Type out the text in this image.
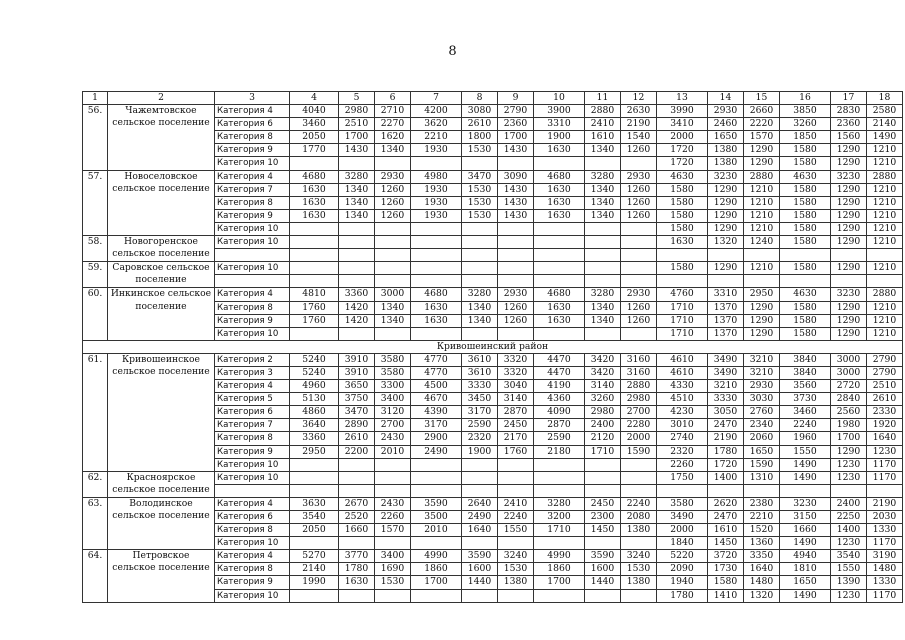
8
1	2	3	4	5	6	7	8	9	10	11	12	13	14	15	16	17	18
56.	Чажемтовское сельское поселение	Категория 4	4040	2980	2710	4200	3080	2790	3900	2880	2630	3990	2930	2660	3850	2830	2580
		Категория 6	3460	2510	2270	3620	2610	2360	3310	2410	2190	3410	2460	2220	3260	2360	2140
		Категория 8	2050	1700	1620	2210	1800	1700	1900	1610	1540	2000	1650	1570	1850	1560	1490
		Категория 9	1770	1430	1340	1930	1530	1430	1630	1340	1260	1720	1380	1290	1580	1290	1210
		Категория 10										1720	1380	1290	1580	1290	1210
57.	Новоселовское сельское поселение	Категория 4	4680	3280	2930	4980	3470	3090	4680	3280	2930	4630	3230	2880	4630	3230	2880
		Категория 7	1630	1340	1260	1930	1530	1430	1630	1340	1260	1580	1290	1210	1580	1290	1210
		Категория 8	1630	1340	1260	1930	1530	1430	1630	1340	1260	1580	1290	1210	1580	1290	1210
		Категория 9	1630	1340	1260	1930	1530	1430	1630	1340	1260	1580	1290	1210	1580	1290	1210
		Категория 10										1580	1290	1210	1580	1290	1210
58.	Новогоренское сельское поселение	Категория 10										1630	1320	1240	1580	1290	1210

59.	Саровское сельское поселение	Категория 10										1580	1290	1210	1580	1290	1210

60.	Инкинское сельское поселение	Категория 4	4810	3360	3000	4680	3280	2930	4680	3280	2930	4760	3310	2950	4630	3230	2880
		Категория 8	1760	1420	1340	1630	1340	1260	1630	1340	1260	1710	1370	1290	1580	1290	1210
		Категория 9	1760	1420	1340	1630	1340	1260	1630	1340	1260	1710	1370	1290	1580	1290	1210
		Категория 10										1710	1370	1290	1580	1290	1210
Кривошеинский район																	
61.	Кривошеинское сельское поселение	Категория 2	5240	3910	3580	4770	3610	3320	4470	3420	3160	4610	3490	3210	3840	3000	2790
		Категория 3	5240	3910	3580	4770	3610	3320	4470	3420	3160	4610	3490	3210	3840	3000	2790
		Категория 4	4960	3650	3300	4500	3330	3040	4190	3140	2880	4330	3210	2930	3560	2720	2510
		Категория 5	5130	3750	3400	4670	3450	3140	4360	3260	2980	4510	3330	3030	3730	2840	2610
		Категория 6	4860	3470	3120	4390	3170	2870	4090	2980	2700	4230	3050	2760	3460	2560	2330
		Категория 7	3640	2890	2700	3170	2590	2450	2870	2400	2280	3010	2470	2340	2240	1980	1920
		Категория 8	3360	2610	2430	2900	2320	2170	2590	2120	2000	2740	2190	2060	1960	1700	1640
		Категория 9	2950	2200	2010	2490	1900	1760	2180	1710	1590	2320	1780	1650	1550	1290	1230
		Категория 10										2260	1720	1590	1490	1230	1170
62.	Красноярское сельское поселение	Категория 10										1750	1400	1310	1490	1230	1170

63.	Володинское сельское поселение	Категория 4	3630	2670	2430	3590	2640	2410	3280	2450	2240	3580	2620	2380	3230	2400	2190
		Категория 6	3540	2520	2260	3500	2490	2240	3200	2300	2080	3490	2470	2210	3150	2250	2030
		Категория 8	2050	1660	1570	2010	1640	1550	1710	1450	1380	2000	1610	1520	1660	1400	1330
		Категория 10										1840	1450	1360	1490	1230	1170
64.	Петровское сельское поселение	Категория 4	5270	3770	3400	4990	3590	3240	4990	3590	3240	5220	3720	3350	4940	3540	3190
		Категория 8	2140	1780	1690	1860	1600	1530	1860	1600	1530	2090	1730	1640	1810	1550	1480
		Категория 9	1990	1630	1530	1700	1440	1380	1700	1440	1380	1940	1580	1480	1650	1390	1330
		Категория 10										1780	1410	1320	1490	1230	1170
